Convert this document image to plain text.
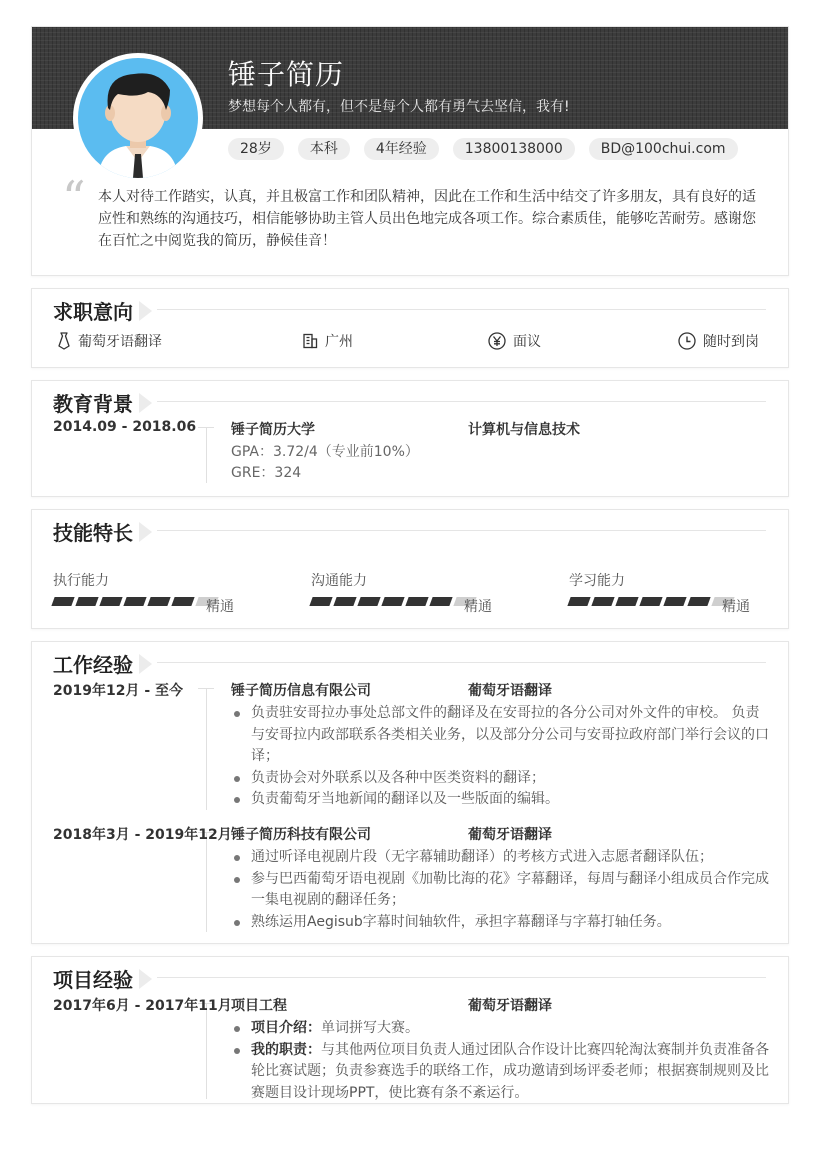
锤子简历
梦想每个人都有，但不是每个人都有勇气去坚信，我有!
28岁	本科	4年经验	13800138000	BD@100chui.com
“ 本人对待工作踏实，认真，并且极富工作和团队精神，因此在工作和生活中结交了许多朋友，具有良好的适应性和熟练的沟通技巧，相信能够协助主管人员出色地完成各项工作。综合素质佳，能够吃苦耐劳。感谢您在百忙之中阅览我的简历，静候佳音！
求职意向
葡萄牙语翻译	广州	面议	随时到岗
教育背景
2014.09 - 2018.06 锤子简历大学	计算机与信息技术
GPA：3.72/4（专业前10%）
GRE：324
技能特长
执行能力
精通
沟通能力
精通
学习能力
精通
工作经验
2019年12月 - 至今	锤子简历信息有限公司	葡萄牙语翻译
负责驻安哥拉办事处总部文件的翻译及在安哥拉的各分公司对外文件的审校。 负责与安哥拉内政部联系各类相关业务，以及部分分公司与安哥拉政府部门举行会议的口译；
负责协会对外联系以及各种中医类资料的翻译；
负责葡萄牙当地新闻的翻译以及一些版面的编辑。
2018年3月 - 2019年12月 锤子简历科技有限公司	葡萄牙语翻译
通过听译电视剧片段（无字幕辅助翻译）的考核方式进入志愿者翻译队伍；
参与巴西葡萄牙语电视剧《加勒比海的花》字幕翻译，每周与翻译小组成员合作完成一集电视剧的翻译任务；
熟练运用Aegisub字幕时间轴软件，承担字幕翻译与字幕打轴任务。
项目经验
2017年6月 - 2017年11月 项目工程	葡萄牙语翻译
项目介绍：单词拼写大赛。
我的职责：与其他两位项目负责人通过团队合作设计比赛四轮淘汰赛制并负责准备各轮比赛试题；负责参赛选手的联络工作，成功邀请到场评委老师；根据赛制规则及比赛题目设计现场PPT，使比赛有条不紊运行。
